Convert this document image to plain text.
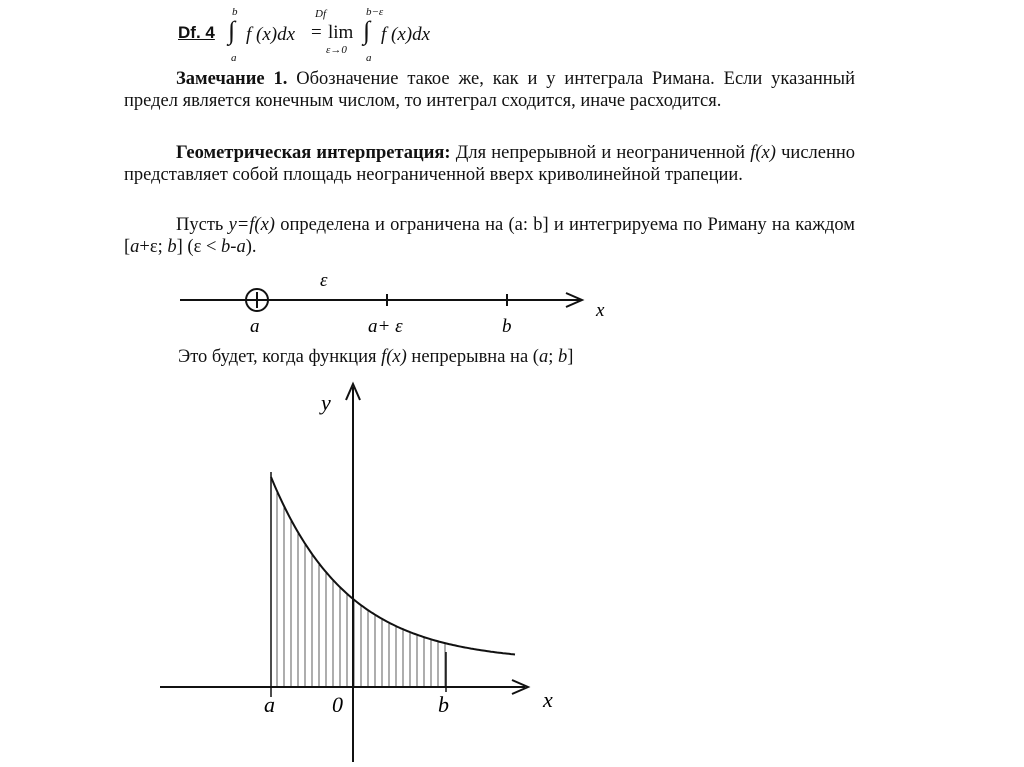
Df. 4 ∫
b
a
f (x)dx
Df
= lim
ε→0
∫
b−ε
a
f (x)dx
Замечание 1. Обозначение такое же, как и у интеграла Римана. Если указанный предел является конечным числом, то интеграл сходится, иначе расходится.
Геометрическая интерпретация: Для непрерывной и неограниченной f(x) численно представляет собой площадь неограниченной вверх криволинейной трапеции.
Пусть y=f(x) определена и ограничена на (a: b] и интегрируема по Риману на каждом [a+ε; b] (ε < b-a).
ε
a	a+ ε	b
x
Это будет, когда функция f(x) непрерывна на (a; b]
y
x
a	0	b
